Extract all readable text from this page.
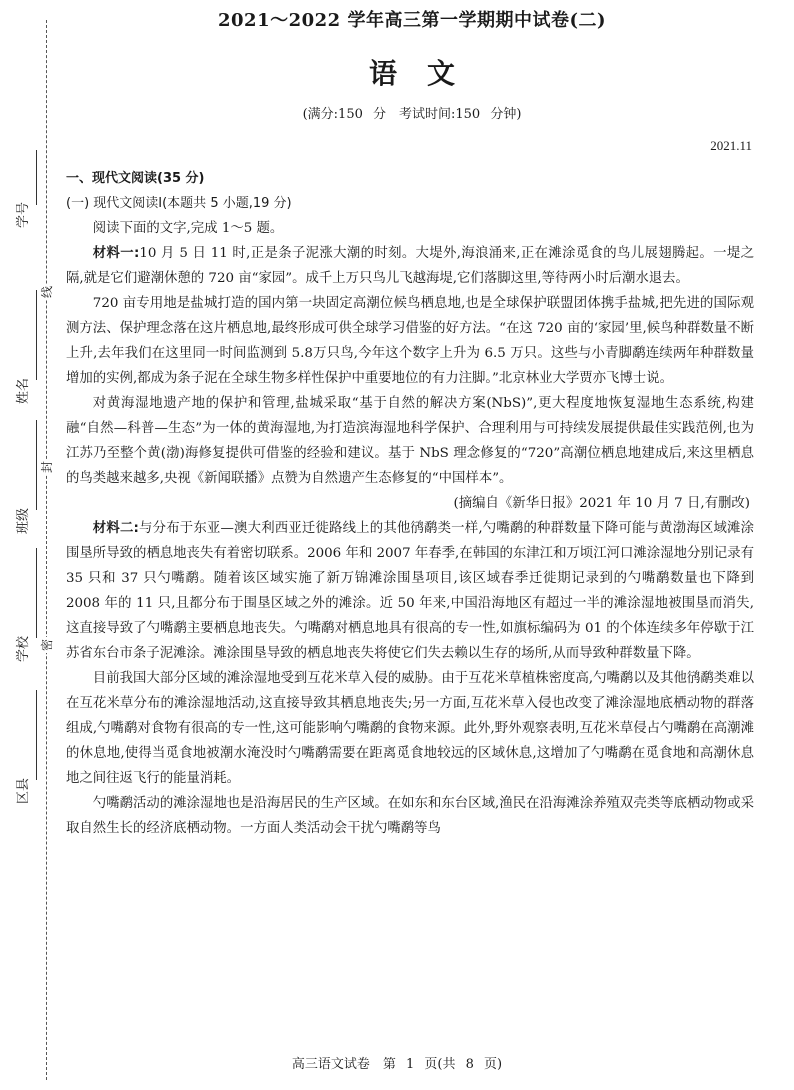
线
封
密
学号
姓名
班级
学校
区县
2021～2022 学年高三第一学期期中试卷(二)
语文
(满分:150 分　考试时间:150 分钟)
2021.11

一、现代文阅读(35 分)

(一) 现代文阅读Ⅰ(本题共 5 小题,19 分)

阅读下面的文字,完成 1～5 题。

材料一:10 月 5 日 11 时,正是条子泥涨大潮的时刻。大堤外,海浪涌来,正在滩涂觅食的鸟儿展翅腾起。一堤之隔,就是它们避潮休憩的 720 亩“家园”。成千上万只鸟儿飞越海堤,它们落脚这里,等待两小时后潮水退去。

720 亩专用地是盐城打造的国内第一块固定高潮位候鸟栖息地,也是全球保护联盟团体携手盐城,把先进的国际观测方法、保护理念落在这片栖息地,最终形成可供全球学习借鉴的好方法。“在这 720 亩的‘家园’里,候鸟种群数量不断上升,去年我们在这里同一时间监测到 5.8万只鸟,今年这个数字上升为 6.5 万只。这些与小青脚鹬连续两年种群数量增加的实例,都成为条子泥在全球生物多样性保护中重要地位的有力注脚。”北京林业大学贾亦飞博士说。

对黄海湿地遗产地的保护和管理,盐城采取“基于自然的解决方案(NbS)”,更大程度地恢复湿地生态系统,构建融“自然—科普—生态”为一体的黄海湿地,为打造滨海湿地科学保护、合理利用与可持续发展提供最佳实践范例,也为江苏乃至整个黄(渤)海修复提供可借鉴的经验和建议。基于 NbS 理念修复的“720”高潮位栖息地建成后,来这里栖息的鸟类越来越多,央视《新闻联播》点赞为自然遗产生态修复的“中国样本”。

(摘编自《新华日报》2021 年 10 月 7 日,有删改)

材料二:与分布于东亚—澳大利西亚迁徙路线上的其他鸻鹬类一样,勺嘴鹬的种群数量下降可能与黄渤海区域滩涂围垦所导致的栖息地丧失有着密切联系。2006 年和 2007 年春季,在韩国的东津江和万顷江河口滩涂湿地分别记录有 35 只和 37 只勺嘴鹬。随着该区域实施了新万锦滩涂围垦项目,该区域春季迁徙期记录到的勺嘴鹬数量也下降到 2008 年的 11 只,且都分布于围垦区域之外的滩涂。近 50 年来,中国沿海地区有超过一半的滩涂湿地被围垦而消失,这直接导致了勺嘴鹬主要栖息地丧失。勺嘴鹬对栖息地具有很高的专一性,如旗标编码为 01 的个体连续多年停歇于江苏省东台市条子泥滩涂。滩涂围垦导致的栖息地丧失将使它们失去赖以生存的场所,从而导致种群数量下降。

目前我国大部分区域的滩涂湿地受到互花米草入侵的威胁。由于互花米草植株密度高,勺嘴鹬以及其他鸻鹬类难以在互花米草分布的滩涂湿地活动,这直接导致其栖息地丧失;另一方面,互花米草入侵也改变了滩涂湿地底栖动物的群落组成,勺嘴鹬对食物有很高的专一性,这可能影响勺嘴鹬的食物来源。此外,野外观察表明,互花米草侵占勺嘴鹬在高潮滩的休息地,使得当觅食地被潮水淹没时勺嘴鹬需要在距离觅食地较远的区域休息,这增加了勺嘴鹬在觅食地和高潮休息地之间往返飞行的能量消耗。

勺嘴鹬活动的滩涂湿地也是沿海居民的生产区域。在如东和东台区域,渔民在沿海滩涂养殖双壳类等底栖动物或采取自然生长的经济底栖动物。一方面人类活动会干扰勺嘴鹬等鸟

高三语文试卷　第 1 页(共 8 页)
